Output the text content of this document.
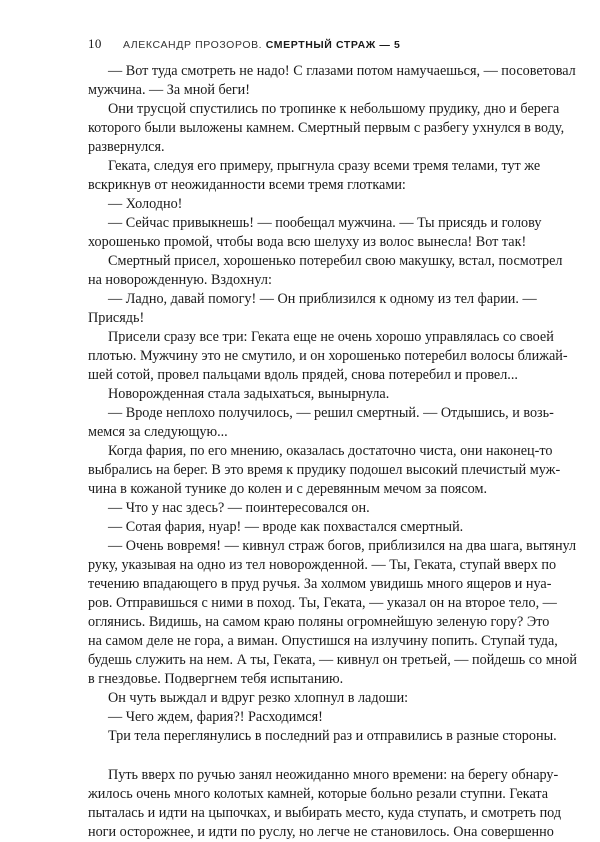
10 АЛЕКСАНДР ПРОЗОРОВ. СМЕРТНЫЙ СТРАЖ — 5
— Вот туда смотреть не надо! С глазами потом намучаешься, — посоветовал
мужчина. — За мной беги!
Они трусцой спустились по тропинке к небольшому прудику, дно и берега
которого были выложены камнем. Смертный первым с разбегу ухнулся в воду,
развернулся.
Геката, следуя его примеру, прыгнула сразу всеми тремя телами, тут же
вскрикнув от неожиданности всеми тремя глотками:
— Холодно!
— Сейчас привыкнешь! — пообещал мужчина. — Ты присядь и голову
хорошенько промой, чтобы вода всю шелуху из волос вынесла! Вот так!
Смертный присел, хорошенько потеребил свою макушку, встал, посмотрел
на новорожденную. Вздохнул:
— Ладно, давай помогу! — Он приблизился к одному из тел фарии. —
Присядь!
Присели сразу все три: Геката еще не очень хорошо управлялась со своей
плотью. Мужчину это не смутило, и он хорошенько потеребил волосы ближай-
шей сотой, провел пальцами вдоль прядей, снова потеребил и провел...
Новорожденная стала задыхаться, вынырнула.
— Вроде неплохо получилось, — решил смертный. — Отдышись, и возь-
мемся за следующую...
Когда фария, по его мнению, оказалась достаточно чиста, они наконец-то
выбрались на берег. В это время к прудику подошел высокий плечистый муж-
чина в кожаной тунике до колен и с деревянным мечом за поясом.
— Что у нас здесь? — поинтересовался он.
— Сотая фария, нуар! — вроде как похвастался смертный.
— Очень вовремя! — кивнул страж богов, приблизился на два шага, вытянул
руку, указывая на одно из тел новорожденной. — Ты, Геката, ступай вверх по
течению впадающего в пруд ручья. За холмом увидишь много ящеров и нуа-
ров. Отправишься с ними в поход. Ты, Геката, — указал он на второе тело, —
оглянись. Видишь, на самом краю поляны огромнейшую зеленую гору? Это
на самом деле не гора, а виман. Опустишся на излучину попить. Ступай туда,
будешь служить на нем. А ты, Геката, — кивнул он третьей, — пойдешь со мной
в гнездовье. Подвергнем тебя испытанию.
Он чуть выждал и вдруг резко хлопнул в ладоши:
— Чего ждем, фария?! Расходимся!
Три тела переглянулись в последний раз и отправились в разные стороны.
Путь вверх по ручью занял неожиданно много времени: на берегу обнару-
жилось очень много колотых камней, которые больно резали ступни. Геката
пыталась и идти на цыпочках, и выбирать место, куда ступать, и смотреть под
ноги осторожнее, и идти по руслу, но легче не становилось. Она совершенно
